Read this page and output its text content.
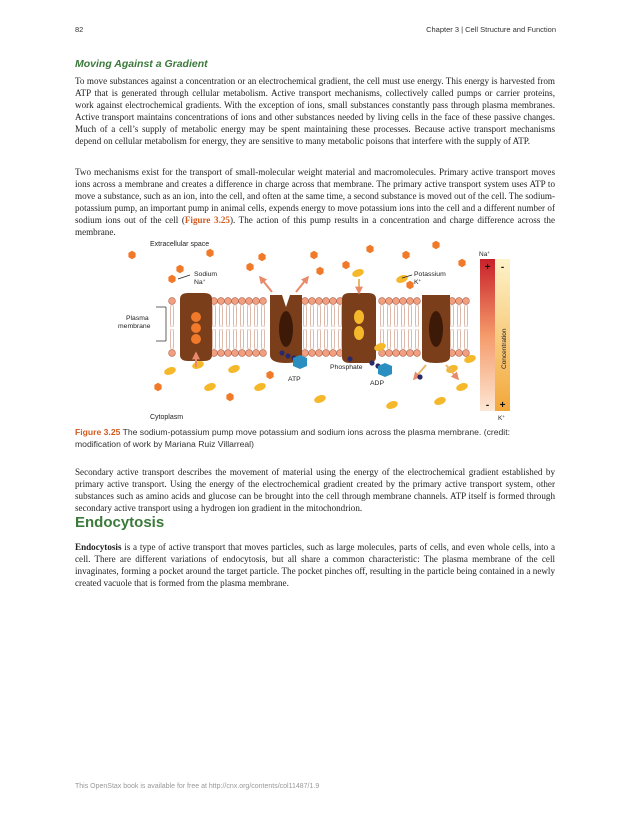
82	Chapter 3 | Cell Structure and Function
Moving Against a Gradient

To move substances against a concentration or an electrochemical gradient, the cell must use energy. This energy is harvested from ATP that is generated through cellular metabolism. Active transport mechanisms, collectively called pumps or carrier proteins, work against electrochemical gradients. With the exception of ions, small substances constantly pass through plasma membranes. Active transport maintains concentrations of ions and other substances needed by living cells in the face of these passive changes. Much of a cell’s supply of metabolic energy may be spent maintaining these processes. Because active transport mechanisms depend on cellular metabolism for energy, they are sensitive to many metabolic poisons that interfere with the supply of ATP.

Two mechanisms exist for the transport of small-molecular weight material and macromolecules. Primary active transport moves ions across a membrane and creates a difference in charge across that membrane. The primary active transport system uses ATP to move a substance, such as an ion, into the cell, and often at the same time, a second substance is moved out of the cell. The sodium-potassium pump, an important pump in animal cells, expends energy to move potassium ions into the cell and a different number of sodium ions out of the cell (Figure 3.25). The action of this pump results in a concentration and charge difference across the membrane.

Extracellular space
Cytoplasm
Sodium
Na+
Potassium
K+
Plasma
membrane
ATP
Phosphate
ADP
Na+
+ -
- +
Concentration
K+
Figure 3.25 The sodium-potassium pump move potassium and sodium ions across the plasma membrane. (credit: modification of work by Mariana Ruiz Villarreal)

Secondary active transport describes the movement of material using the energy of the electrochemical gradient established by primary active transport. Using the energy of the electrochemical gradient created by the primary active transport system, other substances such as amino acids and glucose can be brought into the cell through membrane channels. ATP itself is formed through secondary active transport using a hydrogen ion gradient in the mitochondrion.

Endocytosis

Endocytosis is a type of active transport that moves particles, such as large molecules, parts of cells, and even whole cells, into a cell. There are different variations of endocytosis, but all share a common characteristic: The plasma membrane of the cell invaginates, forming a pocket around the target particle. The pocket pinches off, resulting in the particle being contained in a newly created vacuole that is formed from the plasma membrane.

This OpenStax book is available for free at http://cnx.org/contents/col11487/1.9
